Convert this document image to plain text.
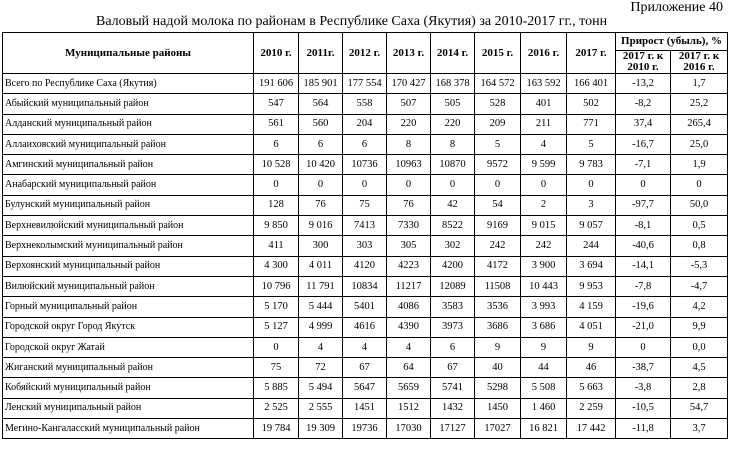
Приложение 40
Валовый надой молока по районам в Республике Саха (Якутия) за 2010-2017 гг., тонн
Муниципальные районы	2010 г.	2011г.	2012 г.	2013 г.	2014 г.	2015 г.	2016 г.	2017 г.	Прирост (убыль), %	
									2017 г. к 2010 г.	2017 г. к 2016 г.
Всего по Республике Саха (Якутия)	191 606	185 901	177 554	170 427	168 378	164 572	163 592	166 401	-13,2	1,7
Абыйский муниципальный район	547	564	558	507	505	528	401	502	-8,2	25,2
Алданский муниципальный район	561	560	204	220	220	209	211	771	37,4	265,4
Аллаиховский муниципальный район	6	6	6	8	8	5	4	5	-16,7	25,0
Амгинский муниципальный район	10 528	10 420	10736	10963	10870	9572	9 599	9 783	-7,1	1,9
Анабарский муниципальный район	0	0	0	0	0	0	0	0	0	0
Булунский муниципальный район	128	76	75	76	42	54	2	3	-97,7	50,0
Верхневилюйский муниципальный район	9 850	9 016	7413	7330	8522	9169	9 015	9 057	-8,1	0,5
Верхнеколымский муниципальный район	411	300	303	305	302	242	242	244	-40,6	0,8
Верхоянский муниципальный район	4 300	4 011	4120	4223	4200	4172	3 900	3 694	-14,1	-5,3
Вилюйский муниципальный район	10 796	11 791	10834	11217	12089	11508	10 443	9 953	-7,8	-4,7
Горный муниципальный район	5 170	5 444	5401	4086	3583	3536	3 993	4 159	-19,6	4,2
Городской округ Город Якутск	5 127	4 999	4616	4390	3973	3686	3 686	4 051	-21,0	9,9
Городской округ Жатай	0	4	4	4	6	9	9	9	0	0,0
Жиганский муниципальный район	75	72	67	64	67	40	44	46	-38,7	4,5
Кобяйский муниципальный район	5 885	5 494	5647	5659	5741	5298	5 508	5 663	-3,8	2,8
Ленский муниципальный район	2 525	2 555	1451	1512	1432	1450	1 460	2 259	-10,5	54,7
Мегино-Кангаласский муниципальный район	19 784	19 309	19736	17030	17127	17027	16 821	17 442	-11,8	3,7
